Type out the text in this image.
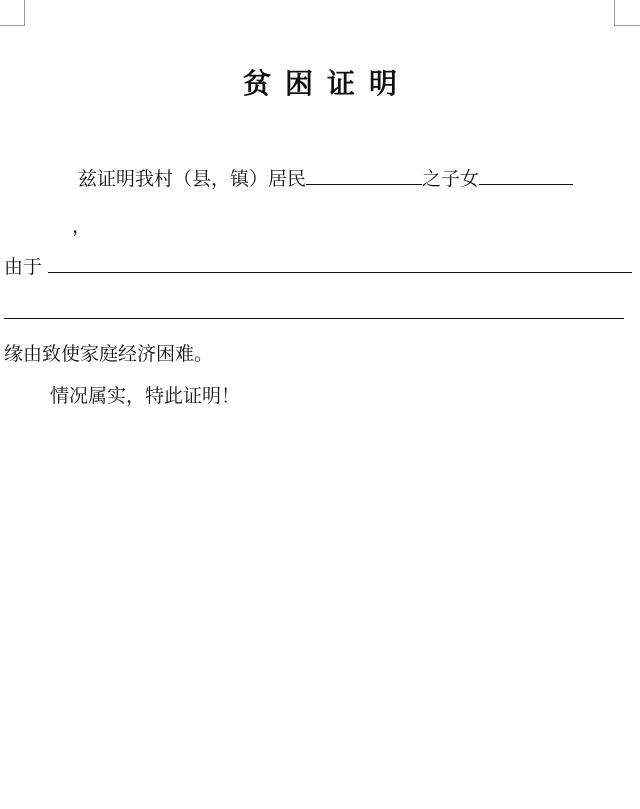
贫困证明
兹证明我村（县，镇）居民	之子女
，
由于
缘由致使家庭经济困难。
情况属实，特此证明！
